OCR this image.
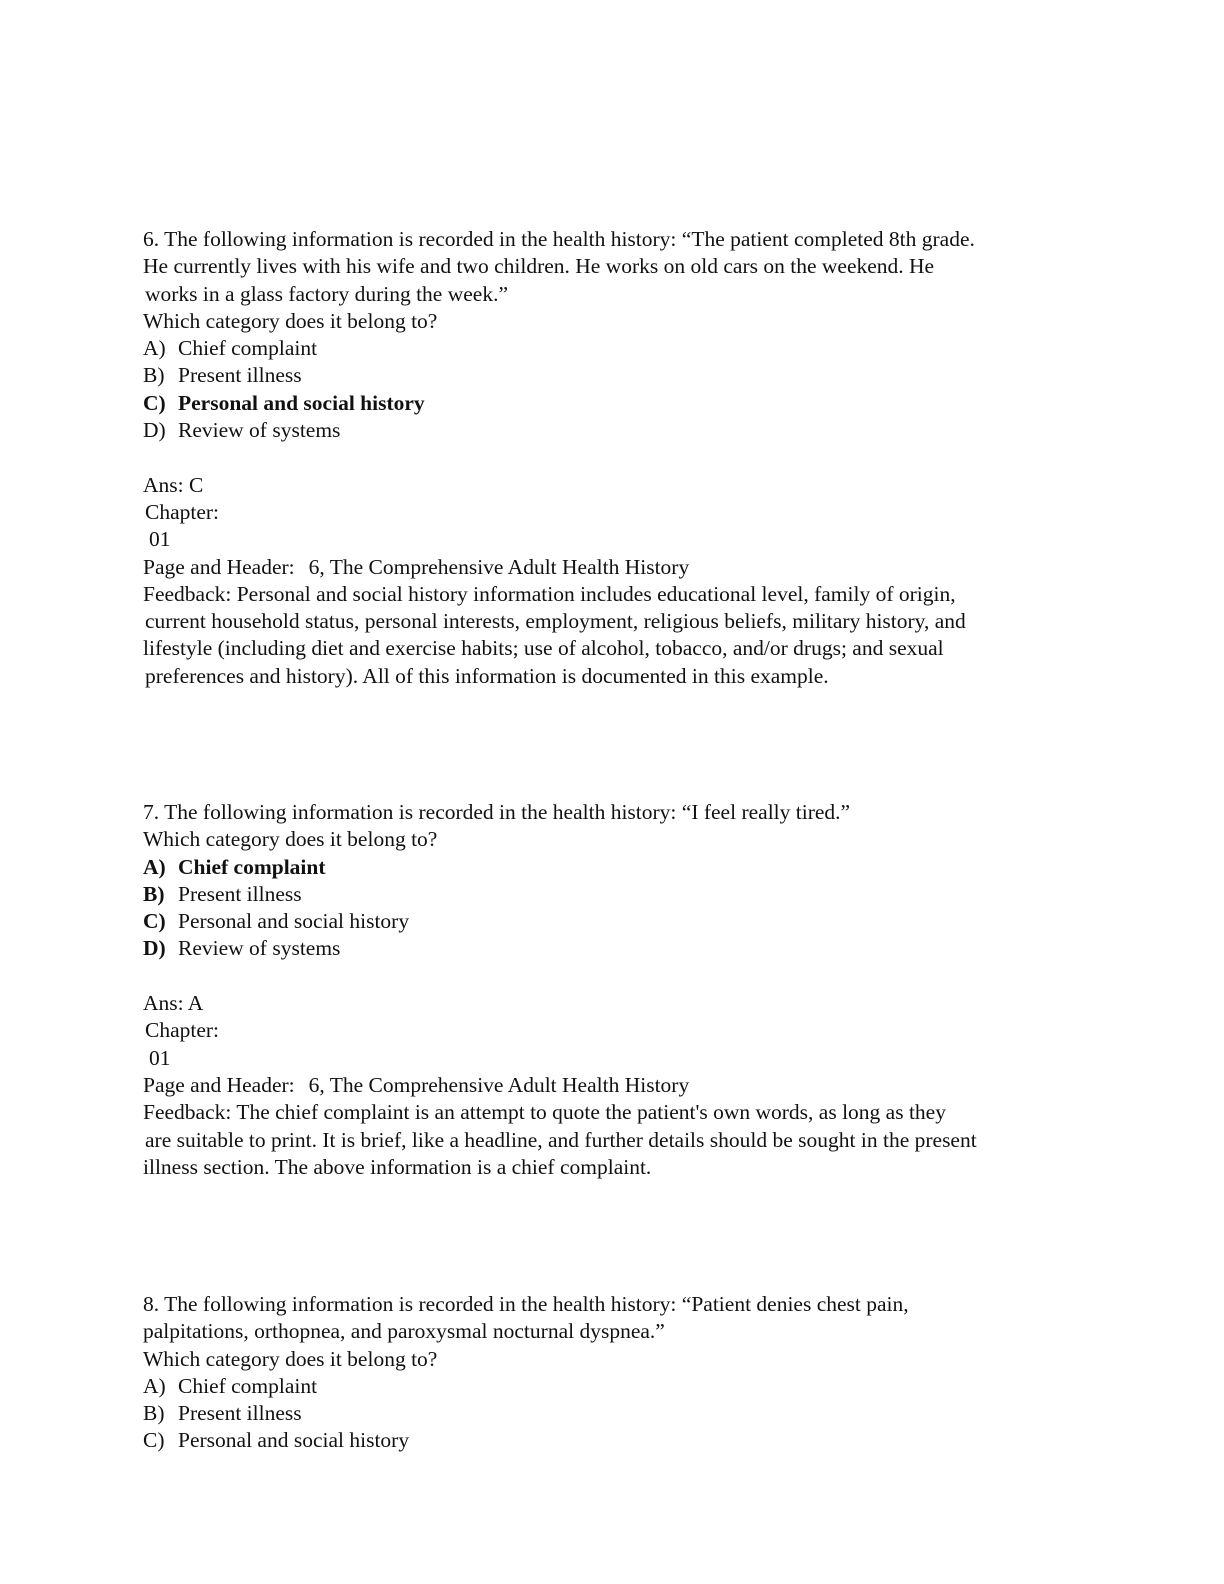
6. The following information is recorded in the health history: “The patient completed 8th grade.
He currently lives with his wife and two children. He works on old cars on the weekend. He
works in a glass factory during the week.”
Which category does it belong to?
A) Chief complaint
B) Present illness
C) Personal and social history
D) Review of systems
Ans: C
Chapter:
01
Page and Header: 6, The Comprehensive Adult Health History
Feedback: Personal and social history information includes educational level, family of origin,
current household status, personal interests, employment, religious beliefs, military history, and
lifestyle (including diet and exercise habits; use of alcohol, tobacco, and/or drugs; and sexual
preferences and history). All of this information is documented in this example.
7. The following information is recorded in the health history: “I feel really tired.”
Which category does it belong to?
A) Chief complaint
B) Present illness
C) Personal and social history
D) Review of systems
Ans: A
Chapter:
01
Page and Header: 6, The Comprehensive Adult Health History
Feedback: The chief complaint is an attempt to quote the patient's own words, as long as they
are suitable to print. It is brief, like a headline, and further details should be sought in the present
illness section. The above information is a chief complaint.
8. The following information is recorded in the health history: “Patient denies chest pain,
palpitations, orthopnea, and paroxysmal nocturnal dyspnea.”
Which category does it belong to?
A) Chief complaint
B) Present illness
C) Personal and social history
